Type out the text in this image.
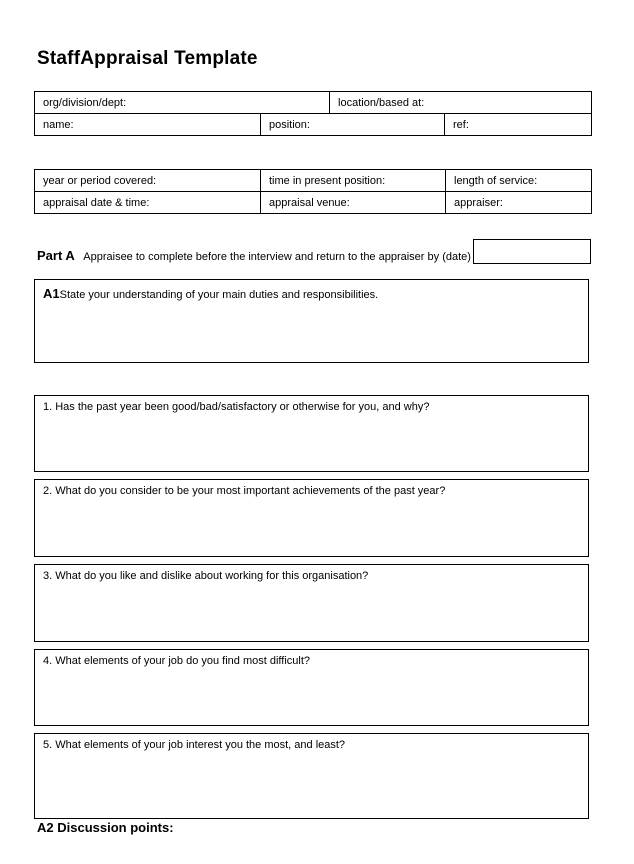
StaffAppraisal Template
org/division/dept:		location/based at:	
name:	position:		ref:
year or period covered:	time in present position:	length of service:
appraisal date & time:	appraisal venue:	appraiser:
Part A Appraisee to complete before the interview and return to the appraiser by (date)
A1State your understanding of your main duties and responsibilities.
1. Has the past year been good/bad/satisfactory or otherwise for you, and why?
2. What do you consider to be your most important achievements of the past year?
3. What do you like and dislike about working for this organisation?
4. What elements of your job do you find most difficult?
5. What elements of your job interest you the most, and least?
A2 Discussion points:
